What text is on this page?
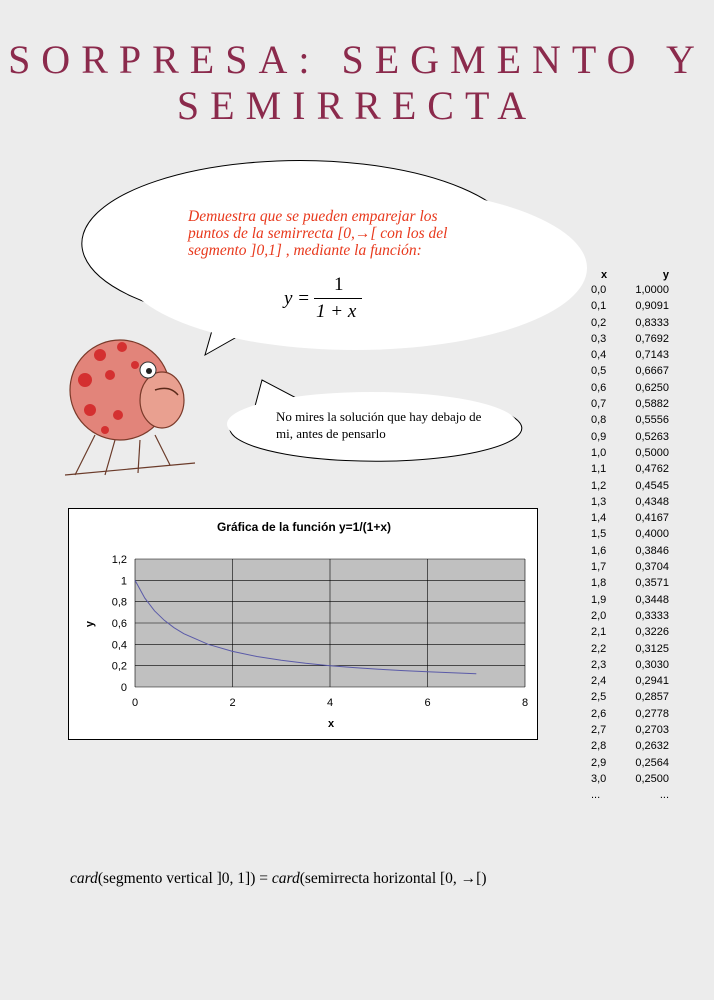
SORPRESA: SEGMENTO Y
SEMIRRECTA
Demuestra que se pueden emparejar los
puntos de la semirrecta [0,→[ con los del
segmento ]0,1] , mediante la función:
y =
1
1 + x
No mires la solución que hay debajo de
mi, antes de pensarlo
Gráfica de la función y=1/(1+x)
0
0,2
0,4
0,6
0,8
1
1,2
0	2	4	6	8
x
y
x	y
0,0	1,0000
0,1	0,9091
0,2	0,8333
0,3	0,7692
0,4	0,7143
0,5	0,6667
0,6	0,6250
0,7	0,5882
0,8	0,5556
0,9	0,5263
1,0	0,5000
1,1	0,4762
1,2	0,4545
1,3	0,4348
1,4	0,4167
1,5	0,4000
1,6	0,3846
1,7	0,3704
1,8	0,3571
1,9	0,3448
2,0	0,3333
2,1	0,3226
2,2	0,3125
2,3	0,3030
2,4	0,2941
2,5	0,2857
2,6	0,2778
2,7	0,2703
2,8	0,2632
2,9	0,2564
3,0	0,2500
...	...
card(segmento vertical ]0, 1]) = card(semirrecta horizontal [0, →[)
